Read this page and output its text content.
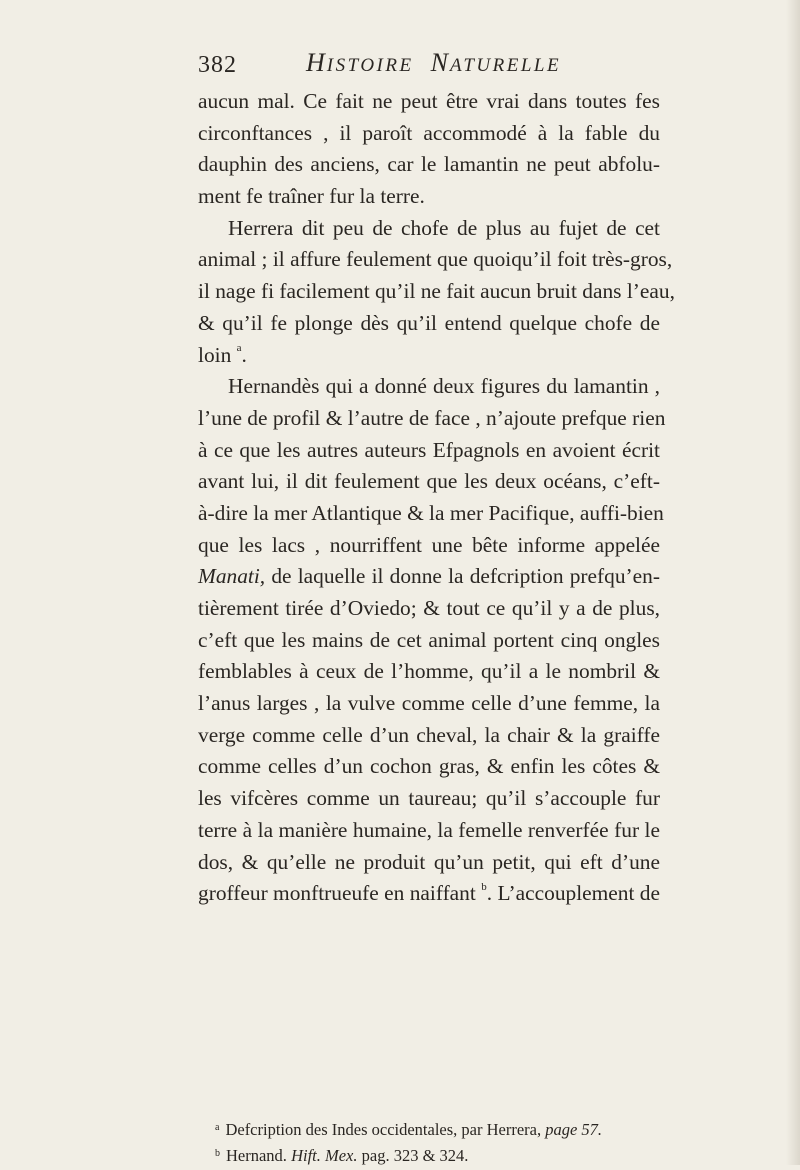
382	HISTOIRE NATURELLE
aucun mal. Ce fait ne peut être vrai dans toutes fes
circonftances , il paroît accommodé à la fable du
dauphin des anciens, car le lamantin ne peut abfolu-
ment fe traîner fur la terre.
Herrera dit peu de chofe de plus au fujet de cet
animal ; il affure feulement que quoiqu’il foit très-gros,
il nage fi facilement qu’il ne fait aucun bruit dans l’eau,
& qu’il fe plonge dès qu’il entend quelque chofe de
loin $^a$.
Hernandès qui a donné deux figures du lamantin ,
l’une de profil & l’autre de face , n’ajoute prefque rien
à ce que les autres auteurs Efpagnols en avoient écrit
avant lui, il dit feulement que les deux océans, c’eft-
à-dire la mer Atlantique & la mer Pacifique, auffi-bien
que les lacs , nourriffent une bête informe appelée
Manati, de laquelle il donne la defcription prefqu’en-
tièrement tirée d’Oviedo; & tout ce qu’il y a de plus,
c’eft que les mains de cet animal portent cinq ongles
femblables à ceux de l’homme, qu’il a le nombril &
l’anus larges , la vulve comme celle d’une femme, la
verge comme celle d’un cheval, la chair & la graiffe
comme celles d’un cochon gras, & enfin les côtes &
les vifcères comme un taureau; qu’il s’accouple fur
terre à la manière humaine, la femelle renverfée fur le
dos, & qu’elle ne produit qu’un petit, qui eft d’une
groffeur monftrueufe en naiffant $^b$. L’accouplement de
$^a$ Defcription des Indes occidentales, par Herrera, page 57.
$^b$ Hernand. Hift. Mex. pag. 323 & 324.
